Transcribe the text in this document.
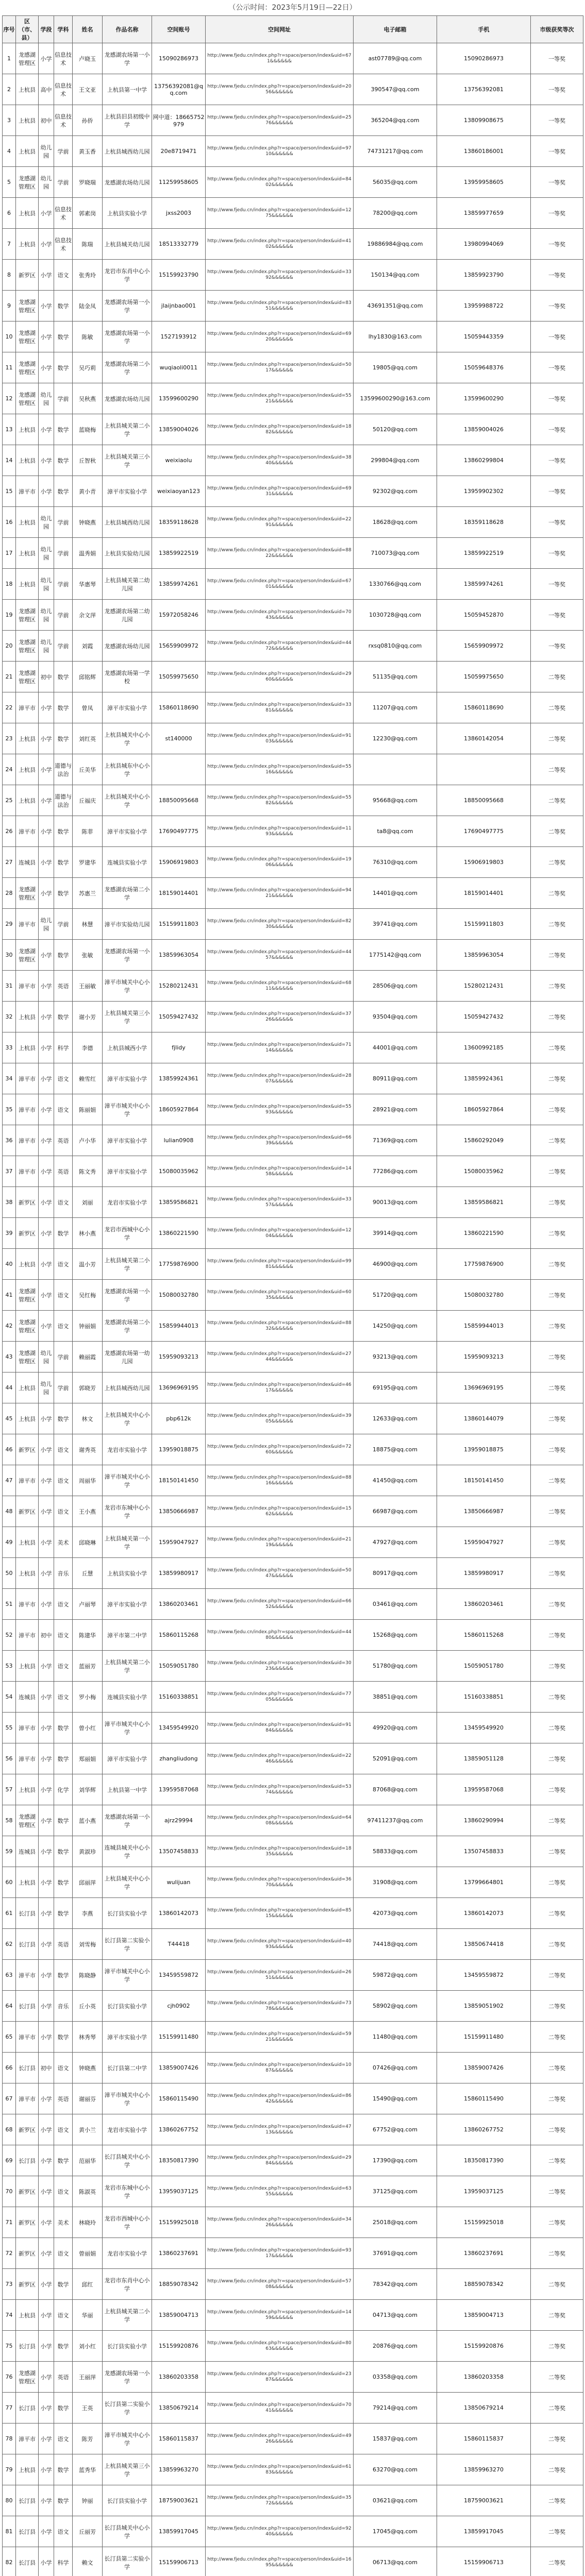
（公示时间：2023年5月19日—22日）
序号	区（市、县）	学段	学科	姓名	作品名称	空间账号	空间网址	电子邮箱	手机	市级获奖等次
1	龙感湖管理区	小学	信息技术	卢晓玉	龙感湖农场第一小学	15090286973	http://www.fjedu.cn/index.php?r=space/person/index&uid=671&&&&&&	ast07789@qq.com	15090286973	一等奖
2	上杭县	高中	信息技术	王文亚	上杭县第一中学	13756392081@qq.com	http://www.fjedu.cn/index.php?r=space/person/index&uid=2056&&&&&&	390547@qq.com	13756392081	一等奖
3	上杭县	初中	信息技术	孙侨	上杭县旧县初级中学	网中道：18665752979	http://www.fjedu.cn/index.php?r=space/person/index&uid=2576&&&&&&	365204@qq.com	13809908675	一等奖
4	上杭县	幼儿园	学前	黄玉香	上杭县城西幼儿园	20e8719471	http://www.fjedu.cn/index.php?r=space/person/index&uid=9710&&&&&&	74731217@qq.com	13860186001	一等奖
5	龙感湖管理区	幼儿园	学前	罗晓瑞	龙感湖农场幼儿园	11259958605	http://www.fjedu.cn/index.php?r=space/person/index&uid=8402&&&&&&	56035@qq.com	13959958605	一等奖
6	上杭县	小学	信息技术	郭素岗	上杭县实验小学	jxss2003	http://www.fjedu.cn/index.php?r=space/person/index&uid=1275&&&&&&	78200@qq.com	13859977659	一等奖
7	上杭县	小学	信息技术	陈瑞	上杭县城关幼儿园	18513332779	http://www.fjedu.cn/index.php?r=space/person/index&uid=4102&&&&&&	19886984@qq.com	13980994069	一等奖
8	新罗区	小学	语文	张秀玲	龙岩市东肖中心小学	15159923790	http://www.fjedu.cn/index.php?r=space/person/index&uid=3392&&&&&&	150134@qq.com	13859923790	一等奖
9	龙感湖管理区	小学	数学	陆金凤	龙感湖农场第一小学	jlaijnbao001	http://www.fjedu.cn/index.php?r=space/person/index&uid=8351&&&&&&	43691351@qq.com	13959988722	一等奖
10	龙感湖管理区	小学	数学	陈敏	龙感湖农场第一小学	1527193912	http://www.fjedu.cn/index.php?r=space/person/index&uid=6920&&&&&&	lhy1830@163.com	15059443359	一等奖
11	龙感湖管理区	小学	数学	吴巧莉	龙感湖农场第二小学	wuqiaoli0011	http://www.fjedu.cn/index.php?r=space/person/index&uid=5017&&&&&&	19805@qq.com	15059648376	一等奖
12	龙感湖管理区	幼儿园	学前	吴秋燕	龙感湖农场幼儿园	13599600290	http://www.fjedu.cn/index.php?r=space/person/index&uid=5521&&&&&&	13599600290@163.com	13599600290	一等奖
13	上杭县	小学	数学	蓝晓梅	上杭县城关第二小学	13859004026	http://www.fjedu.cn/index.php?r=space/person/index&uid=1882&&&&&&	50120@qq.com	13859004026	一等奖
14	上杭县	小学	数学	丘智秋	上杭县城关第三小学	weixiaolu	http://www.fjedu.cn/index.php?r=space/person/index&uid=3840&&&&&&	299804@qq.com	13860299804	一等奖
15	漳平市	小学	数学	黄小青	漳平市实验小学	weixiaoyan123	http://www.fjedu.cn/index.php?r=space/person/index&uid=6931&&&&&&	92302@qq.com	13959902302	一等奖
16	上杭县	幼儿园	学前	钟晓燕	上杭县城西幼儿园	18359118628	http://www.fjedu.cn/index.php?r=space/person/index&uid=2291&&&&&&	18628@qq.com	18359118628	一等奖
17	上杭县	幼儿园	学前	温秀娟	上杭县实验幼儿园	13859922519	http://www.fjedu.cn/index.php?r=space/person/index&uid=8822&&&&&&	710073@qq.com	13859922519	一等奖
18	上杭县	幼儿园	学前	华惠琴	上杭县城关第二幼儿园	13859974261	http://www.fjedu.cn/index.php?r=space/person/index&uid=6701&&&&&&	1330766@qq.com	13859974261	一等奖
19	龙感湖管理区	幼儿园	学前	余文萍	龙感湖农场第二幼儿园	15972058246	http://www.fjedu.cn/index.php?r=space/person/index&uid=7043&&&&&&	1030728@qq.com	15059452870	一等奖
20	龙感湖管理区	幼儿园	学前	刘霞	龙感湖农场幼儿园	15659909972	http://www.fjedu.cn/index.php?r=space/person/index&uid=4472&&&&&&	rxsq0810@qq.com	15659909972	一等奖
21	龙感湖管理区	初中	数学	邱铭辉	龙感湖农场第一学校	15059975650	http://www.fjedu.cn/index.php?r=space/person/index&uid=2960&&&&&&	51135@qq.com	15059975650	二等奖
22	漳平市	小学	数学	曾凤	漳平市实验小学	15860118690	http://www.fjedu.cn/index.php?r=space/person/index&uid=3381&&&&&&	11207@qq.com	15860118690	二等奖
23	上杭县	小学	数学	刘红英	上杭县城关中心小学	st140000	http://www.fjedu.cn/index.php?r=space/person/index&uid=9103&&&&&&	12230@qq.com	13860142054	二等奖
24	上杭县	小学	道德与法治	丘美华	上杭县城东中心小学		http://www.fjedu.cn/index.php?r=space/person/index&uid=5516&&&&&&			二等奖
25	上杭县	小学	道德与法治	丘福庆	上杭县城关中心小学	18850095668	http://www.fjedu.cn/index.php?r=space/person/index&uid=5582&&&&&&	95668@qq.com	18850095668	二等奖
26	漳平市	小学	数学	陈菲	漳平市实验小学	17690497775	http://www.fjedu.cn/index.php?r=space/person/index&uid=1193&&&&&&	ta8@qq.com	17690497775	二等奖
27	连城县	小学	数学	罗建华	连城县实验小学	15906919803	http://www.fjedu.cn/index.php?r=space/person/index&uid=1906&&&&&&	76310@qq.com	15906919803	二等奖
28	龙感湖管理区	小学	数学	苏惠兰	龙感湖农场第二小学	18159014401	http://www.fjedu.cn/index.php?r=space/person/index&uid=9421&&&&&&	14401@qq.com	18159014401	二等奖
29	漳平市	幼儿园	学前	林慧	漳平市实验幼儿园	15159911803	http://www.fjedu.cn/index.php?r=space/person/index&uid=8230&&&&&&	39741@qq.com	15159911803	二等奖
30	龙感湖管理区	小学	数学	张敏	龙感湖农场第一小学	13859963054	http://www.fjedu.cn/index.php?r=space/person/index&uid=4457&&&&&&	1775142@qq.com	13859963054	二等奖
31	漳平市	小学	英语	王丽敏	漳平市城关中心小学	15280212431	http://www.fjedu.cn/index.php?r=space/person/index&uid=6811&&&&&&	28506@qq.com	15280212431	二等奖
32	上杭县	小学	数学	谢小芳	上杭县城关第三小学	15059427432	http://www.fjedu.cn/index.php?r=space/person/index&uid=3726&&&&&&	93504@qq.com	15059427432	二等奖
33	上杭县	小学	科学	李德	上杭县城西小学	fjlidy	http://www.fjedu.cn/index.php?r=space/person/index&uid=7114&&&&&&	44001@qq.com	13600992185	二等奖
34	漳平市	小学	语文	赖雪红	漳平市实验小学	13859924361	http://www.fjedu.cn/index.php?r=space/person/index&uid=2807&&&&&&	80911@qq.com	13859924361	二等奖
35	漳平市	小学	语文	陈丽娟	漳平市城关中心小学	18605927864	http://www.fjedu.cn/index.php?r=space/person/index&uid=5593&&&&&&	28921@qq.com	18605927864	二等奖
36	漳平市	小学	英语	卢小华	漳平市实验小学	lulian0908	http://www.fjedu.cn/index.php?r=space/person/index&uid=6639&&&&&&	71369@qq.com	15860292049	二等奖
37	漳平市	小学	英语	陈文秀	漳平市实验小学	15080035962	http://www.fjedu.cn/index.php?r=space/person/index&uid=1458&&&&&&	77286@qq.com	15080035962	二等奖
38	新罗区	小学	语文	刘丽	龙岩市实验小学	13859586821	http://www.fjedu.cn/index.php?r=space/person/index&uid=3357&&&&&&	90013@qq.com	13859586821	二等奖
39	新罗区	小学	数学	林小燕	龙岩市西城中心小学	13860221590	http://www.fjedu.cn/index.php?r=space/person/index&uid=1204&&&&&&	39914@qq.com	13860221590	二等奖
40	上杭县	小学	语文	温小芳	上杭县城关第二小学	17759876900	http://www.fjedu.cn/index.php?r=space/person/index&uid=9981&&&&&&	46900@qq.com	17759876900	二等奖
41	龙感湖管理区	小学	语文	吴红梅	龙感湖农场第一小学	15080032780	http://www.fjedu.cn/index.php?r=space/person/index&uid=6035&&&&&&	51720@qq.com	15080032780	二等奖
42	龙感湖管理区	小学	语文	钟丽娟	龙感湖农场第二小学	15859944013	http://www.fjedu.cn/index.php?r=space/person/index&uid=8832&&&&&&	14250@qq.com	15859944013	二等奖
43	龙感湖管理区	幼儿园	学前	赖丽霞	龙感湖农场第一幼儿园	15959093213	http://www.fjedu.cn/index.php?r=space/person/index&uid=2744&&&&&&	93213@qq.com	15959093213	二等奖
44	上杭县	幼儿园	学前	郭晓芳	上杭县城西幼儿园	13696969195	http://www.fjedu.cn/index.php?r=space/person/index&uid=4617&&&&&&	69195@qq.com	13696969195	二等奖
45	上杭县	小学	数学	林文	上杭县城关中心小学	pbp612k	http://www.fjedu.cn/index.php?r=space/person/index&uid=3905&&&&&&	12633@qq.com	13860144079	二等奖
46	新罗区	小学	语文	谢秀英	龙岩市实验小学	13959018875	http://www.fjedu.cn/index.php?r=space/person/index&uid=7260&&&&&&	18875@qq.com	13959018875	二等奖
47	漳平市	小学	语文	周丽华	漳平市城关中心小学	18150141450	http://www.fjedu.cn/index.php?r=space/person/index&uid=8816&&&&&&	41450@qq.com	18150141450	二等奖
48	新罗区	小学	语文	王小燕	龙岩市东城中心小学	13850666987	http://www.fjedu.cn/index.php?r=space/person/index&uid=1562&&&&&&	66987@qq.com	13850666987	二等奖
49	上杭县	小学	美术	邱晓琳	上杭县城关第一小学	15959047927	http://www.fjedu.cn/index.php?r=space/person/index&uid=2119&&&&&&	47927@qq.com	15959047927	二等奖
50	上杭县	小学	音乐	丘慧	上杭县实验小学	13859980917	http://www.fjedu.cn/index.php?r=space/person/index&uid=5047&&&&&&	80917@qq.com	13859980917	二等奖
51	漳平市	小学	语文	卢丽琴	漳平市实验小学	13860203461	http://www.fjedu.cn/index.php?r=space/person/index&uid=6652&&&&&&	03461@qq.com	13860203461	二等奖
52	漳平市	初中	语文	陈建华	漳平市第二中学	15860115268	http://www.fjedu.cn/index.php?r=space/person/index&uid=4480&&&&&&	15268@qq.com	15860115268	二等奖
53	上杭县	小学	语文	蓝丽芳	上杭县城关第二小学	15059051780	http://www.fjedu.cn/index.php?r=space/person/index&uid=3023&&&&&&	51780@qq.com	15059051780	二等奖
54	连城县	小学	语文	罗小梅	连城县实验小学	15160338851	http://www.fjedu.cn/index.php?r=space/person/index&uid=7705&&&&&&	38851@qq.com	15160338851	二等奖
55	漳平市	小学	数学	曾小红	漳平市城关中心小学	13459549920	http://www.fjedu.cn/index.php?r=space/person/index&uid=9184&&&&&&	49920@qq.com	13459549920	二等奖
56	漳平市	小学	数学	郑丽娟	漳平市实验小学	zhangliudong	http://www.fjedu.cn/index.php?r=space/person/index&uid=2246&&&&&&	52091@qq.com	13859051128	二等奖
57	上杭县	小学	化学	刘华辉	上杭县第一中学	13959587068	http://www.fjedu.cn/index.php?r=space/person/index&uid=5374&&&&&&	87068@qq.com	13959587068	二等奖
58	龙感湖管理区	小学	数学	蓝小燕	龙感湖农场第一小学	ajrz29994	http://www.fjedu.cn/index.php?r=space/person/index&uid=6408&&&&&&	97411237@qq.com	13860290994	二等奖
59	连城县	小学	数学	黄淑珍	连城县城关中心小学	13507458833	http://www.fjedu.cn/index.php?r=space/person/index&uid=1835&&&&&&	58833@qq.com	13507458833	二等奖
60	上杭县	小学	数学	邱丽萍	上杭县城关中心小学	wulijuan	http://www.fjedu.cn/index.php?r=space/person/index&uid=3670&&&&&&	31908@qq.com	13799664801	二等奖
61	长汀县	小学	数学	李燕	长汀县实验小学	13860142073	http://www.fjedu.cn/index.php?r=space/person/index&uid=8515&&&&&&	42073@qq.com	13860142073	二等奖
62	长汀县	小学	英语	刘雪梅	长汀县第二实验小学	T44418	http://www.fjedu.cn/index.php?r=space/person/index&uid=4093&&&&&&	74418@qq.com	13850674418	二等奖
63	漳平市	小学	数学	陈晓静	漳平市城关中心小学	13459559872	http://www.fjedu.cn/index.php?r=space/person/index&uid=2651&&&&&&	59872@qq.com	13459559872	二等奖
64	长汀县	小学	音乐	丘小英	长汀县实验小学	cjh0902	http://www.fjedu.cn/index.php?r=space/person/index&uid=7378&&&&&&	58902@qq.com	13859051902	二等奖
65	漳平市	小学	数学	林秀琴	漳平市实验小学	15159911480	http://www.fjedu.cn/index.php?r=space/person/index&uid=5921&&&&&&	11480@qq.com	15159911480	二等奖
66	长汀县	初中	语文	钟晓燕	长汀县第二中学	13859007426	http://www.fjedu.cn/index.php?r=space/person/index&uid=1087&&&&&&	07426@qq.com	13859007426	二等奖
67	漳平市	小学	英语	谢丽芬	漳平市城关中心小学	15860115490	http://www.fjedu.cn/index.php?r=space/person/index&uid=8642&&&&&&	15490@qq.com	15860115490	二等奖
68	新罗区	小学	语文	黄小兰	龙岩市实验小学	13860267752	http://www.fjedu.cn/index.php?r=space/person/index&uid=4713&&&&&&	67752@qq.com	13860267752	二等奖
69	长汀县	小学	数学	范丽华	长汀县城关中心小学	18350817390	http://www.fjedu.cn/index.php?r=space/person/index&uid=2984&&&&&&	17390@qq.com	18350817390	二等奖
70	新罗区	小学	语文	陈淑英	龙岩市东城中心小学	13959037125	http://www.fjedu.cn/index.php?r=space/person/index&uid=6355&&&&&&	37125@qq.com	13959037125	二等奖
71	新罗区	小学	美术	林晓玲	龙岩市西城中心小学	15159925018	http://www.fjedu.cn/index.php?r=space/person/index&uid=3426&&&&&&	25018@qq.com	15159925018	二等奖
72	新罗区	小学	语文	曾丽娟	龙岩市实验小学	13860237691	http://www.fjedu.cn/index.php?r=space/person/index&uid=9317&&&&&&	37691@qq.com	13860237691	二等奖
73	新罗区	小学	数学	邱红	龙岩市东肖中心小学	18859078342	http://www.fjedu.cn/index.php?r=space/person/index&uid=5708&&&&&&	78342@qq.com	18859078342	二等奖
74	上杭县	小学	语文	华丽	上杭县城关第二小学	13859004713	http://www.fjedu.cn/index.php?r=space/person/index&uid=1459&&&&&&	04713@qq.com	13859004713	二等奖
75	长汀县	小学	数学	刘小红	长汀县实验小学	15159920876	http://www.fjedu.cn/index.php?r=space/person/index&uid=8063&&&&&&	20876@qq.com	15159920876	二等奖
76	龙感湖管理区	小学	英语	王丽萍	龙感湖农场第一小学	13860203358	http://www.fjedu.cn/index.php?r=space/person/index&uid=2387&&&&&&	03358@qq.com	13860203358	二等奖
77	长汀县	小学	数学	王英	长汀县第二实验小学	13850679214	http://www.fjedu.cn/index.php?r=space/person/index&uid=7041&&&&&&	79214@qq.com	13850679214	二等奖
78	漳平市	小学	语文	陈芳	漳平市城关中心小学	15860115837	http://www.fjedu.cn/index.php?r=space/person/index&uid=4926&&&&&&	15837@qq.com	15860115837	二等奖
79	上杭县	小学	数学	蓝秀华	上杭县城关第三小学	13859963270	http://www.fjedu.cn/index.php?r=space/person/index&uid=6183&&&&&&	63270@qq.com	13859963270	二等奖
80	长汀县	小学	数学	钟丽	长汀县实验小学	18759003621	http://www.fjedu.cn/index.php?r=space/person/index&uid=3572&&&&&&	03621@qq.com	18759003621	二等奖
81	长汀县	小学	语文	丘丽芳	长汀县城关中心小学	13859917045	http://www.fjedu.cn/index.php?r=space/person/index&uid=9240&&&&&&	17045@qq.com	13859917045	二等奖
82	长汀县	小学	科学	赖文	长汀县第二实验小学	15159906713	http://www.fjedu.cn/index.php?r=space/person/index&uid=1695&&&&&&	06713@qq.com	15159906713	二等奖
